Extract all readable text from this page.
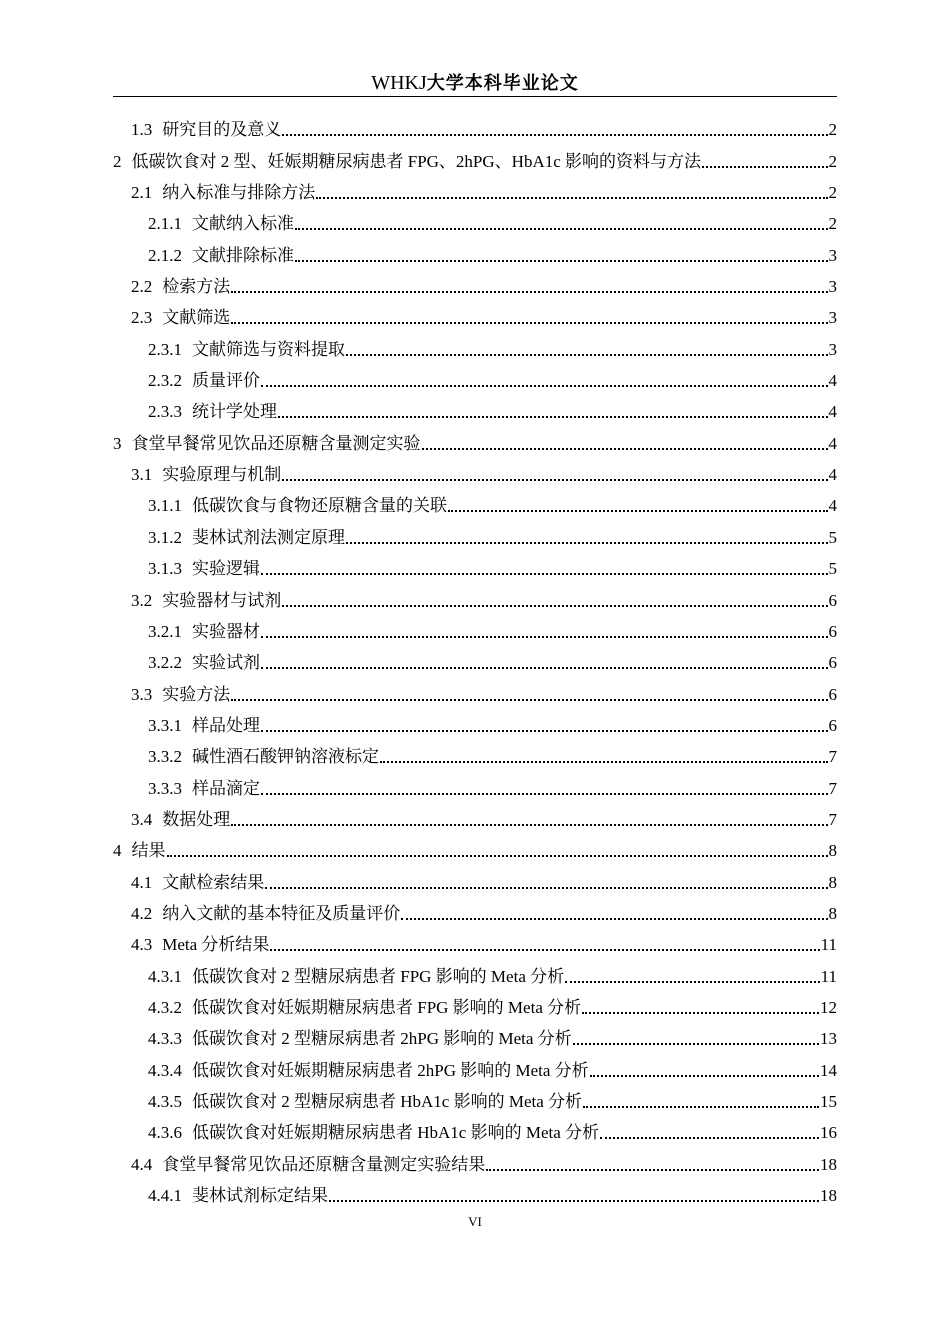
WHKJ大学本科毕业论文
1.3 研究目的及意义	2
2 低碳饮食对 2 型、妊娠期糖尿病患者 FPG、2hPG、HbA1c 影响的资料与方法	2
2.1 纳入标准与排除方法	2
2.1.1 文献纳入标准	2
2.1.2 文献排除标准	3
2.2 检索方法	3
2.3 文献筛选	3
2.3.1 文献筛选与资料提取	3
2.3.2 质量评价	4
2.3.3 统计学处理	4
3 食堂早餐常见饮品还原糖含量测定实验	4
3.1 实验原理与机制	4
3.1.1 低碳饮食与食物还原糖含量的关联	4
3.1.2 斐林试剂法测定原理	5
3.1.3 实验逻辑	5
3.2 实验器材与试剂	6
3.2.1 实验器材	6
3.2.2 实验试剂	6
3.3 实验方法	6
3.3.1 样品处理	6
3.3.2 碱性酒石酸钾钠溶液标定	7
3.3.3 样品滴定	7
3.4 数据处理	7
4 结果	8
4.1 文献检索结果	8
4.2 纳入文献的基本特征及质量评价	8
4.3 Meta 分析结果	11
4.3.1 低碳饮食对 2 型糖尿病患者 FPG 影响的 Meta 分析	11
4.3.2 低碳饮食对妊娠期糖尿病患者 FPG 影响的 Meta 分析	12
4.3.3 低碳饮食对 2 型糖尿病患者 2hPG 影响的 Meta 分析	13
4.3.4 低碳饮食对妊娠期糖尿病患者 2hPG 影响的 Meta 分析	14
4.3.5 低碳饮食对 2 型糖尿病患者 HbA1c 影响的 Meta 分析	15
4.3.6 低碳饮食对妊娠期糖尿病患者 HbA1c 影响的 Meta 分析	16
4.4 食堂早餐常见饮品还原糖含量测定实验结果	18
4.4.1 斐林试剂标定结果	18
VI
